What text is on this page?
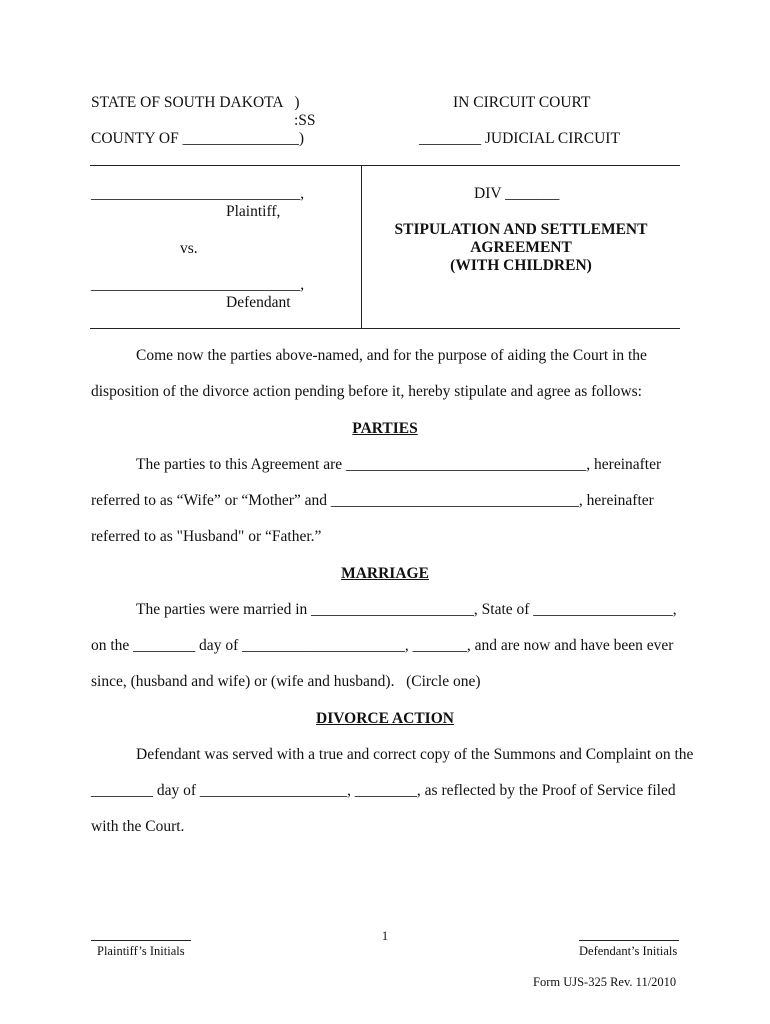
STATE OF SOUTH DAKOTA   )
:SS
COUNTY OF _______________)
IN CIRCUIT COURT
________ JUDICIAL CIRCUIT
___________________________,
Plaintiff,
vs.
___________________________,
Defendant
DIV _______
STIPULATION AND SETTLEMENT
AGREEMENT
(WITH CHILDREN)
Come now the parties above-named, and for the purpose of aiding the Court in the
disposition of the divorce action pending before it, hereby stipulate and agree as follows:
PARTIES
The parties to this Agreement are _______________________________, hereinafter
referred to as “Wife” or “Mother” and ________________________________, hereinafter
referred to as "Husband" or “Father.”
MARRIAGE
The parties were married in _____________________, State of __________________,
on the ________ day of _____________________, _______, and are now and have been ever
since, (husband and wife) or (wife and husband).   (Circle one)
DIVORCE ACTION
Defendant was served with a true and correct copy of the Summons and Complaint on the
________ day of ___________________, ________, as reflected by the Proof of Service filed
with the Court.
1
Plaintiff’s Initials	Defendant’s Initials
Form UJS-325 Rev. 11/2010
